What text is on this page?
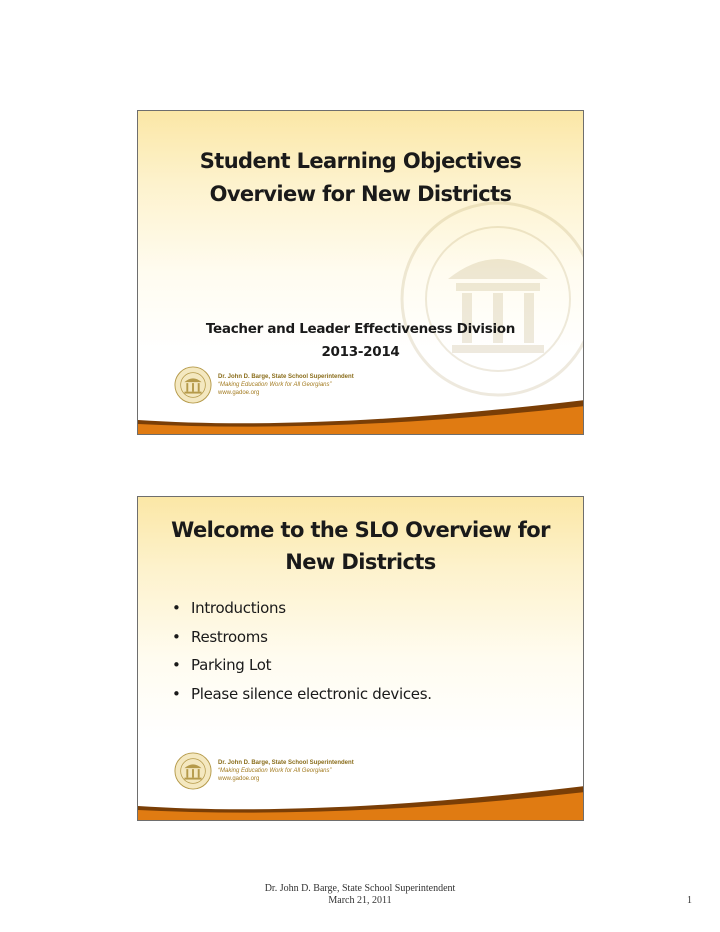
Student Learning Objectives
Overview for New Districts
Teacher and Leader Effectiveness Division
2013-2014
Dr. John D. Barge, State School Superintendent
“Making Education Work for All Georgians”
www.gadoe.org
Welcome to the SLO Overview for
New Districts
• Introductions
• Restrooms
• Parking Lot
• Please silence electronic devices.
Dr. John D. Barge, State School Superintendent
“Making Education Work for All Georgians”
www.gadoe.org
Dr. John D. Barge, State School Superintendent
March 21, 2011	1
